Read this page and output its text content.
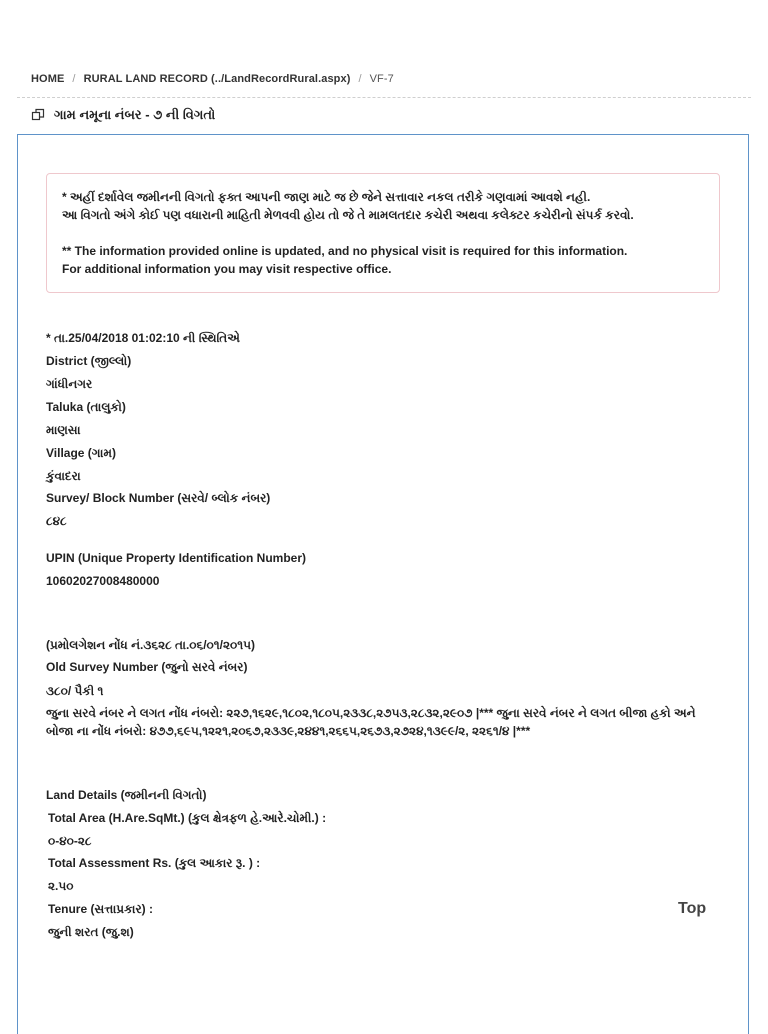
HOME / RURAL LAND RECORD (../LandRecordRural.aspx) / VF-7
ગામ નમૂના નંબર - ૭ ની વિગતો
* અહીં દર્શાવેલ જમીનની વિગતો ફક્ત આપની જાણ માટે જ છે જેને સત્તાવાર નકલ તરીકે ગણવામાં આવશે નહી.
આ વિગતો અંગે કોઈ પણ વધારાની માહિતી મેળવવી હોય તો જે તે મામલતદાર કચેરી અથવા કલેક્ટર કચેરીનો સંપર્ક કરવો.
** The information provided online is updated, and no physical visit is required for this information.
For additional information you may visit respective office.
* તા.25/04/2018 01:02:10 ની સ્થિતિએ
District (જીલ્લો)
ગાંધીનગર
Taluka (તાલુકો)
માણસા
Village (ગામ)
કુંવાદરા
Survey/ Block Number (સરવે/ બ્લોક નંબર)
૮૪૮
UPIN (Unique Property Identification Number)
10602027008480000
(પ્રમોલગેશન નોંધ નં.૩૬૨૮ તા.૦૬/૦૧/૨૦૧૫)
Old Survey Number (જુનો સરવે નંબર)
૩૮૦/ પૈકી ૧
જુના સરવે નંબર ને લગત નોંધ નંબરો: ૨૨૭,૧૬૨૯,૧૮૦૨,૧૮૦૫,૨૩૩૮,૨૭૫૩,૨૮૩૨,૨૯૦૭ |*** જુના સરવે નંબર ને લગત બીજા હકો અને બોજા ના નોંધ નંબરો: ૪૭૭,૬૯૫,૧૨૨૧,૨૦૬૭,૨૩૩૯,૨૪૪૧,૨૬૬૫,૨૬૭૩,૨૭૨૪,૧૩૯૯/૨, ૨૨૬૧/૪ |***
Land Details (જમીનની વિગતો)
Total Area (H.Are.SqMt.) (કુલ ક્ષેત્રફળ હે.આરે.ચોમી.) :
૦-૪૦-૨૮
Total Assessment Rs. (કુલ આકાર રૂ. ) :
૨.૫૦
Tenure (સત્તાપ્રકાર) :
જુની શરત (જુ.શ)
Top
